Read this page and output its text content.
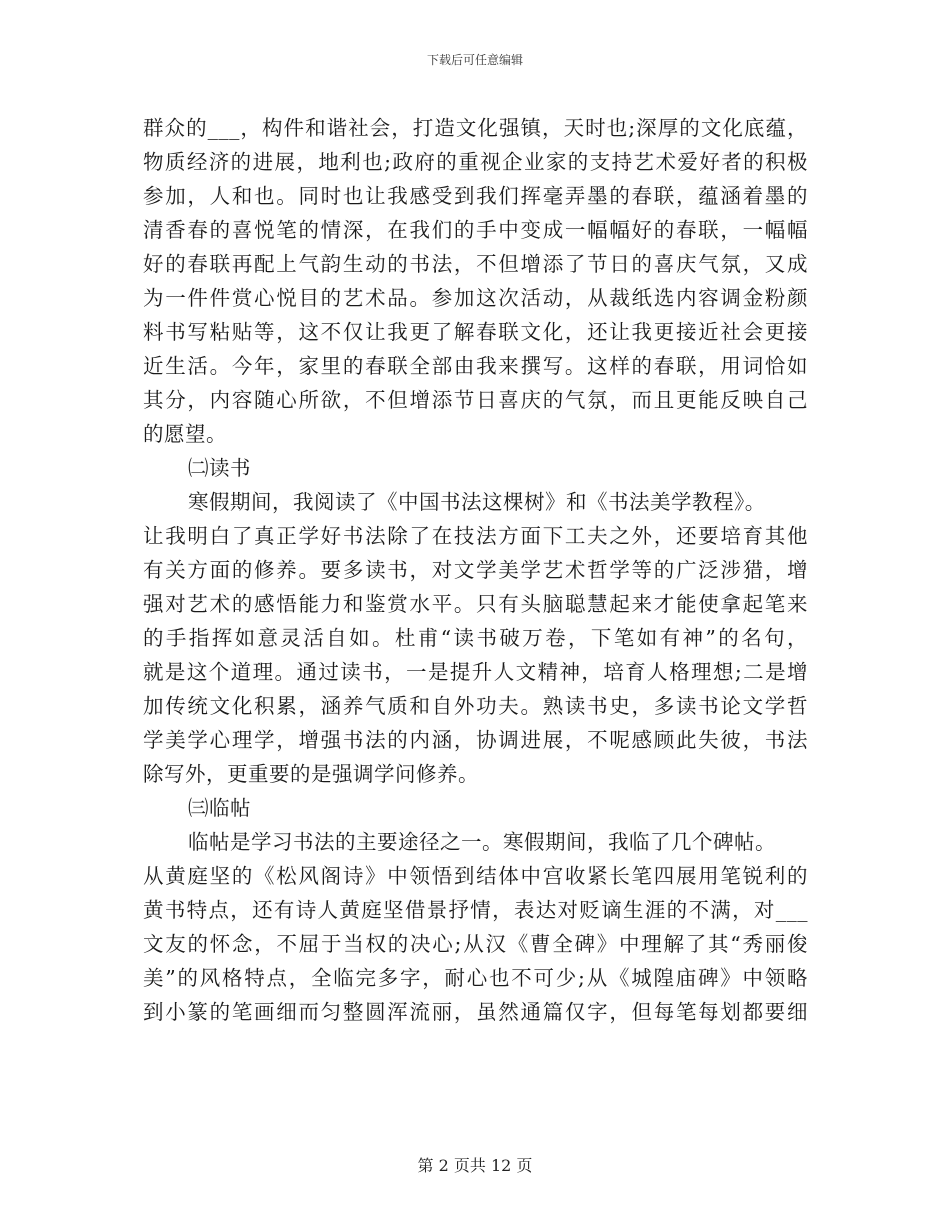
下载后可任意编辑
群众的___，构件和谐社会，打造文化强镇，天时也;深厚的文化底蕴，
物质经济的进展，地利也;政府的重视企业家的支持艺术爱好者的积极
参加，人和也。同时也让我感受到我们挥毫弄墨的春联，蕴涵着墨的
清香春的喜悦笔的情深，在我们的手中变成一幅幅好的春联，一幅幅
好的春联再配上气韵生动的书法，不但增添了节日的喜庆气氛，又成
为一件件赏心悦目的艺术品。参加这次活动，从裁纸选内容调金粉颜
料书写粘贴等，这不仅让我更了解春联文化，还让我更接近社会更接
近生活。今年，家里的春联全部由我来撰写。这样的春联，用词恰如
其分，内容随心所欲，不但增添节日喜庆的气氛，而且更能反映自己
的愿望。
㈡读书
寒假期间，我阅读了《中国书法这棵树》和《书法美学教程》。
让我明白了真正学好书法除了在技法方面下工夫之外，还要培育其他
有关方面的修养。要多读书，对文学美学艺术哲学等的广泛涉猎，增
强对艺术的感悟能力和鉴赏水平。只有头脑聪慧起来才能使拿起笔来
的手指挥如意灵活自如。杜甫“读书破万卷，下笔如有神”的名句，
就是这个道理。通过读书，一是提升人文精神，培育人格理想;二是增
加传统文化积累，涵养气质和自外功夫。熟读书史，多读书论文学哲
学美学心理学，增强书法的内涵，协调进展，不呢感顾此失彼，书法
除写外，更重要的是强调学问修养。
㈢临帖
临帖是学习书法的主要途径之一。寒假期间，我临了几个碑帖。
从黄庭坚的《松风阁诗》中领悟到结体中宫收紧长笔四展用笔锐利的
黄书特点，还有诗人黄庭坚借景抒情，表达对贬谪生涯的不满，对___
文友的怀念，不屈于当权的决心;从汉《曹全碑》中理解了其“秀丽俊
美”的风格特点，全临完多字，耐心也不可少;从《城隍庙碑》中领略
到小篆的笔画细而匀整圆浑流丽，虽然通篇仅字，但每笔每划都要细
第 2 页共 12 页
